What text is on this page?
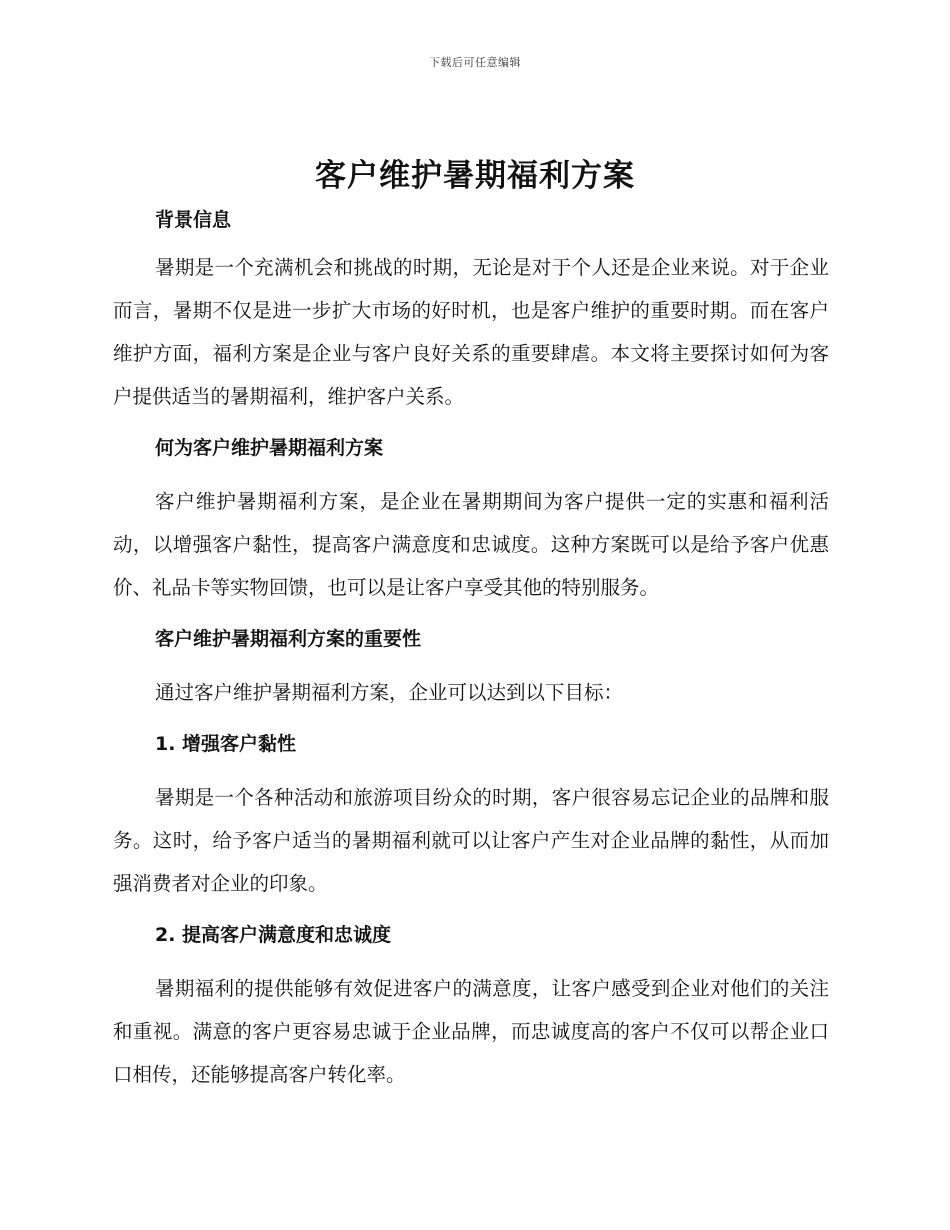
下载后可任意编辑
客户维护暑期福利方案
背景信息

暑期是一个充满机会和挑战的时期，无论是对于个人还是企业来说。对于企业而言，暑期不仅是进一步扩大市场的好时机，也是客户维护的重要时期。而在客户维护方面，福利方案是企业与客户良好关系的重要肆虐。本文将主要探讨如何为客户提供适当的暑期福利，维护客户关系。

何为客户维护暑期福利方案

客户维护暑期福利方案，是企业在暑期期间为客户提供一定的实惠和福利活动，以增强客户黏性，提高客户满意度和忠诚度。这种方案既可以是给予客户优惠价、礼品卡等实物回馈，也可以是让客户享受其他的特别服务。

客户维护暑期福利方案的重要性

通过客户维护暑期福利方案，企业可以达到以下目标：

1. 增强客户黏性

暑期是一个各种活动和旅游项目纷众的时期，客户很容易忘记企业的品牌和服务。这时，给予客户适当的暑期福利就可以让客户产生对企业品牌的黏性，从而加强消费者对企业的印象。

2. 提高客户满意度和忠诚度

暑期福利的提供能够有效促进客户的满意度，让客户感受到企业对他们的关注和重视。满意的客户更容易忠诚于企业品牌，而忠诚度高的客户不仅可以帮企业口口相传，还能够提高客户转化率。
